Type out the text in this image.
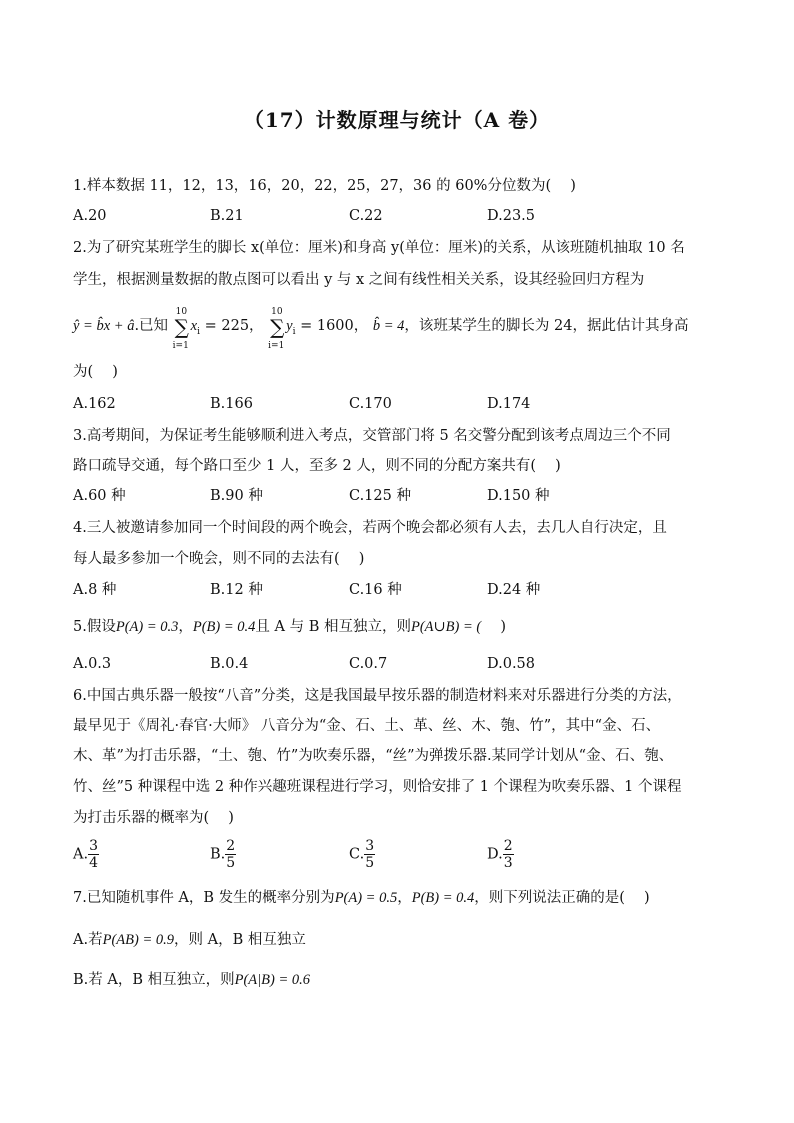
（17）计数原理与统计（A 卷）
1.样本数据 11，12，13，16，20，22，25，27，36 的 60%分位数为(　 )
A.20	B.21	C.22	D.23.5
2.为了研究某班学生的脚长 x(单位：厘米)和身高 y(单位：厘米)的关系，从该班随机抽取 10 名
学生，根据测量数据的散点图可以看出 y 与 x 之间有线性相关关系，设其经验回归方程为
ŷ = b̂x + â.已知
10
∑
i=1
$x_i = 225$，
10
∑
i=1
$y_i = 1600$， b̂ = 4，该班某学生的脚长为 24，据此估计其身高
为(　 )
A.162	B.166	C.170	D.174
3.高考期间，为保证考生能够顺利进入考点，交管部门将 5 名交警分配到该考点周边三个不同
路口疏导交通，每个路口至少 1 人，至多 2 人，则不同的分配方案共有(　 )
A.60 种	B.90 种	C.125 种	D.150 种
4.三人被邀请参加同一个时间段的两个晚会，若两个晚会都必须有人去，去几人自行决定，且
每人最多参加一个晚会，则不同的去法有(　 )
A.8 种	B.12 种	C.16 种	D.24 种
5.假设P(A) = 0.3，P(B) = 0.4且 A 与 B 相互独立，则P(A∪B) = (　 )
A.0.3	B.0.4	C.0.7	D.0.58
6.中国古典乐器一般按“八音”分类，这是我国最早按乐器的制造材料来对乐器进行分类的方法，
最早见于《周礼·春官·大师》 八音分为“金、石、土、革、丝、木、匏、竹”，其中“金、石、
木、革”为打击乐器，“土、匏、竹”为吹奏乐器，“丝”为弹拨乐器.某同学计划从“金、石、匏、
竹、丝”5 种课程中选 2 种作兴趣班课程进行学习，则恰安排了 1 个课程为吹奏乐器、1 个课程
为打击乐器的概率为(　 )
A. $\frac{3}{4}$	B. $\frac{2}{5}$	C. $\frac{3}{5}$	D. $\frac{2}{3}$
7.已知随机事件 A，B 发生的概率分别为P(A) = 0.5，P(B) = 0.4，则下列说法正确的是(　 )
A.若P(AB) = 0.9，则 A，B 相互独立
B.若 A，B 相互独立，则P(A|B) = 0.6
